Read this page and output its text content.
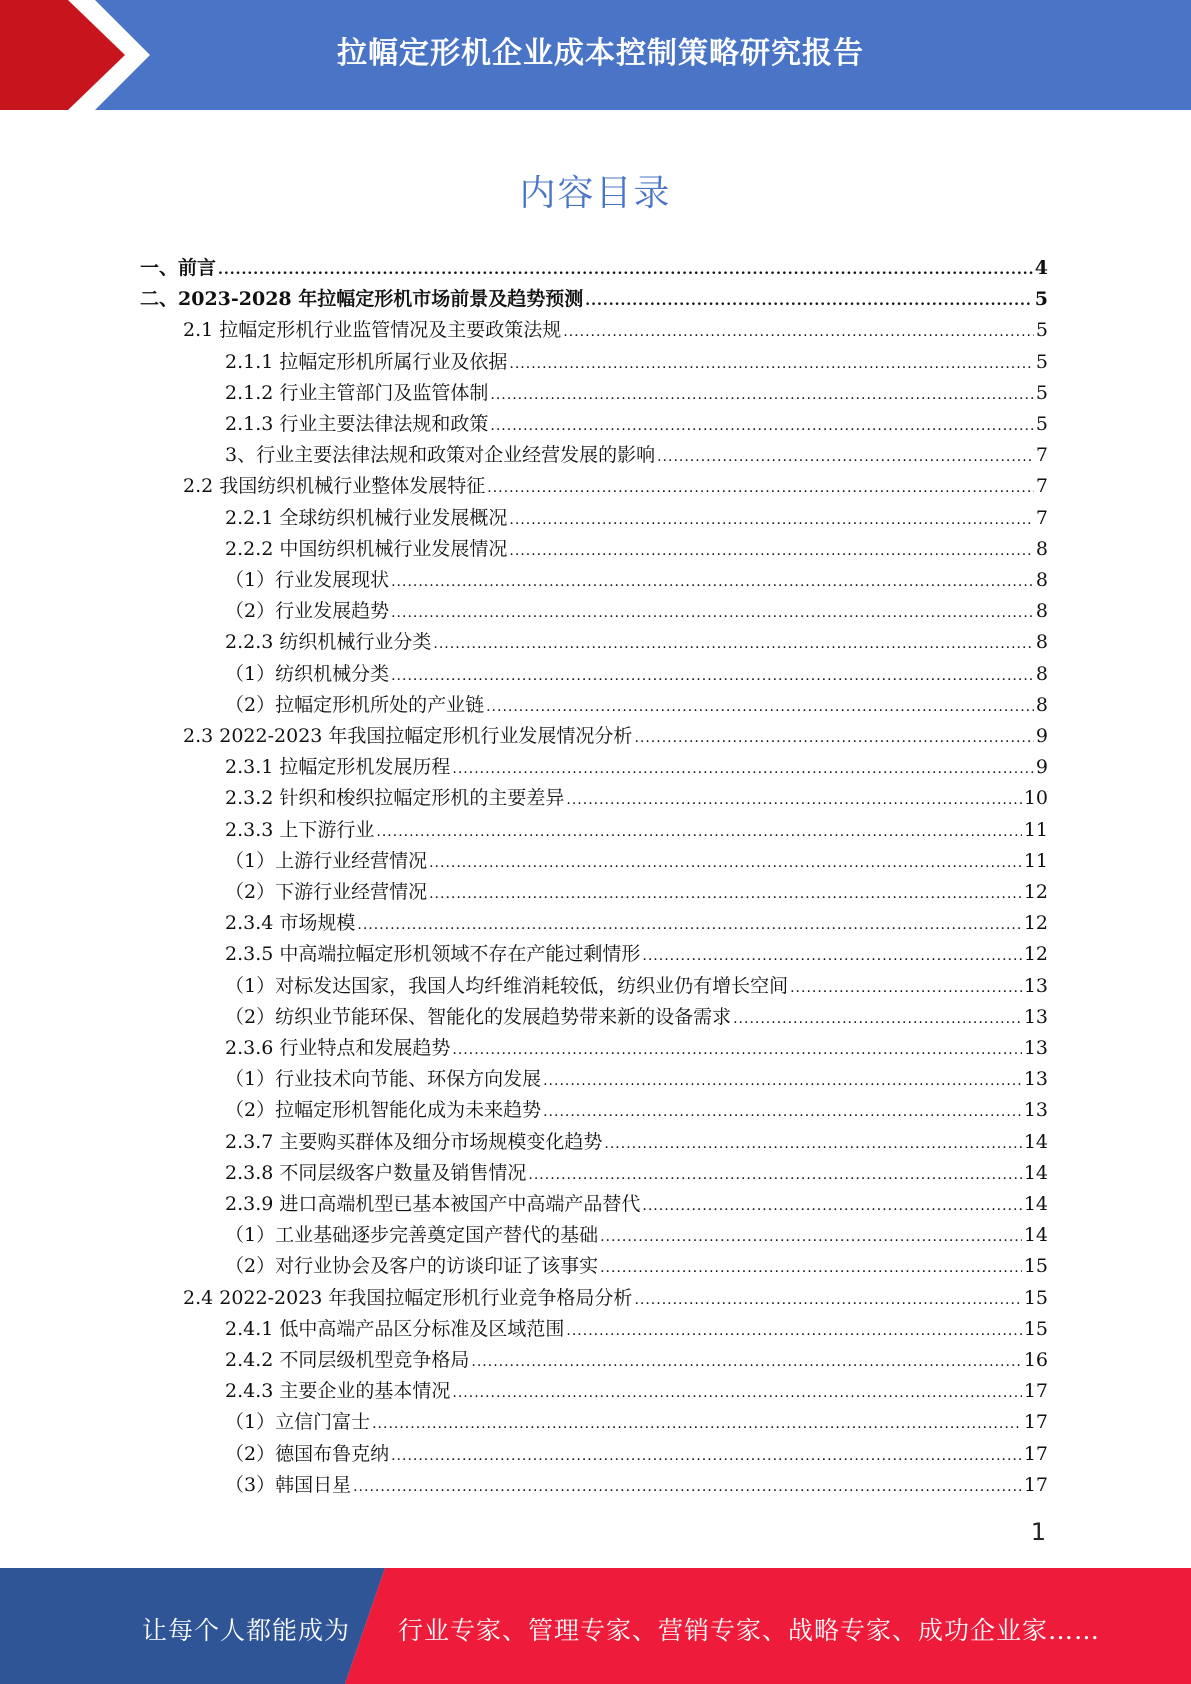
拉幅定形机企业成本控制策略研究报告
内容目录
一、前言 .....	4
二、2023-2028 年拉幅定形机市场前景及趋势预测 .....	5
2.1 拉幅定形机行业监管情况及主要政策法规 .....	5
2.1.1 拉幅定形机所属行业及依据 .....	5
2.1.2 行业主管部门及监管体制 .....	5
2.1.3 行业主要法律法规和政策 .....	5
3、行业主要法律法规和政策对企业经营发展的影响 .....	7
2.2 我国纺织机械行业整体发展特征 .....	7
2.2.1 全球纺织机械行业发展概况 .....	7
2.2.2 中国纺织机械行业发展情况 .....	8
（1）行业发展现状 .....	8
（2）行业发展趋势 .....	8
2.2.3 纺织机械行业分类 .....	8
（1）纺织机械分类 .....	8
（2）拉幅定形机所处的产业链 .....	8
2.3 2022-2023 年我国拉幅定形机行业发展情况分析 .....	9
2.3.1 拉幅定形机发展历程 .....	9
2.3.2 针织和梭织拉幅定形机的主要差异 .....	10
2.3.3 上下游行业 .....	11
（1）上游行业经营情况 .....	11
（2）下游行业经营情况 .....	12
2.3.4 市场规模 .....	12
2.3.5 中高端拉幅定形机领域不存在产能过剩情形 .....	12
（1）对标发达国家，我国人均纤维消耗较低，纺织业仍有增长空间 .....	13
（2）纺织业节能环保、智能化的发展趋势带来新的设备需求 .....	13
2.3.6 行业特点和发展趋势 .....	13
（1）行业技术向节能、环保方向发展 .....	13
（2）拉幅定形机智能化成为未来趋势 .....	13
2.3.7 主要购买群体及细分市场规模变化趋势 .....	14
2.3.8 不同层级客户数量及销售情况 .....	14
2.3.9 进口高端机型已基本被国产中高端产品替代 .....	14
（1）工业基础逐步完善奠定国产替代的基础 .....	14
（2）对行业协会及客户的访谈印证了该事实 .....	15
2.4 2022-2023 年我国拉幅定形机行业竞争格局分析 .....	15
2.4.1 低中高端产品区分标准及区域范围 .....	15
2.4.2 不同层级机型竞争格局 .....	16
2.4.3 主要企业的基本情况 .....	17
（1）立信门富士 .....	17
（2）德国布鲁克纳 .....	17
（3）韩国日星 .....	17
1
让每个人都能成为 行业专家、管理专家、营销专家、战略专家、成功企业家……
